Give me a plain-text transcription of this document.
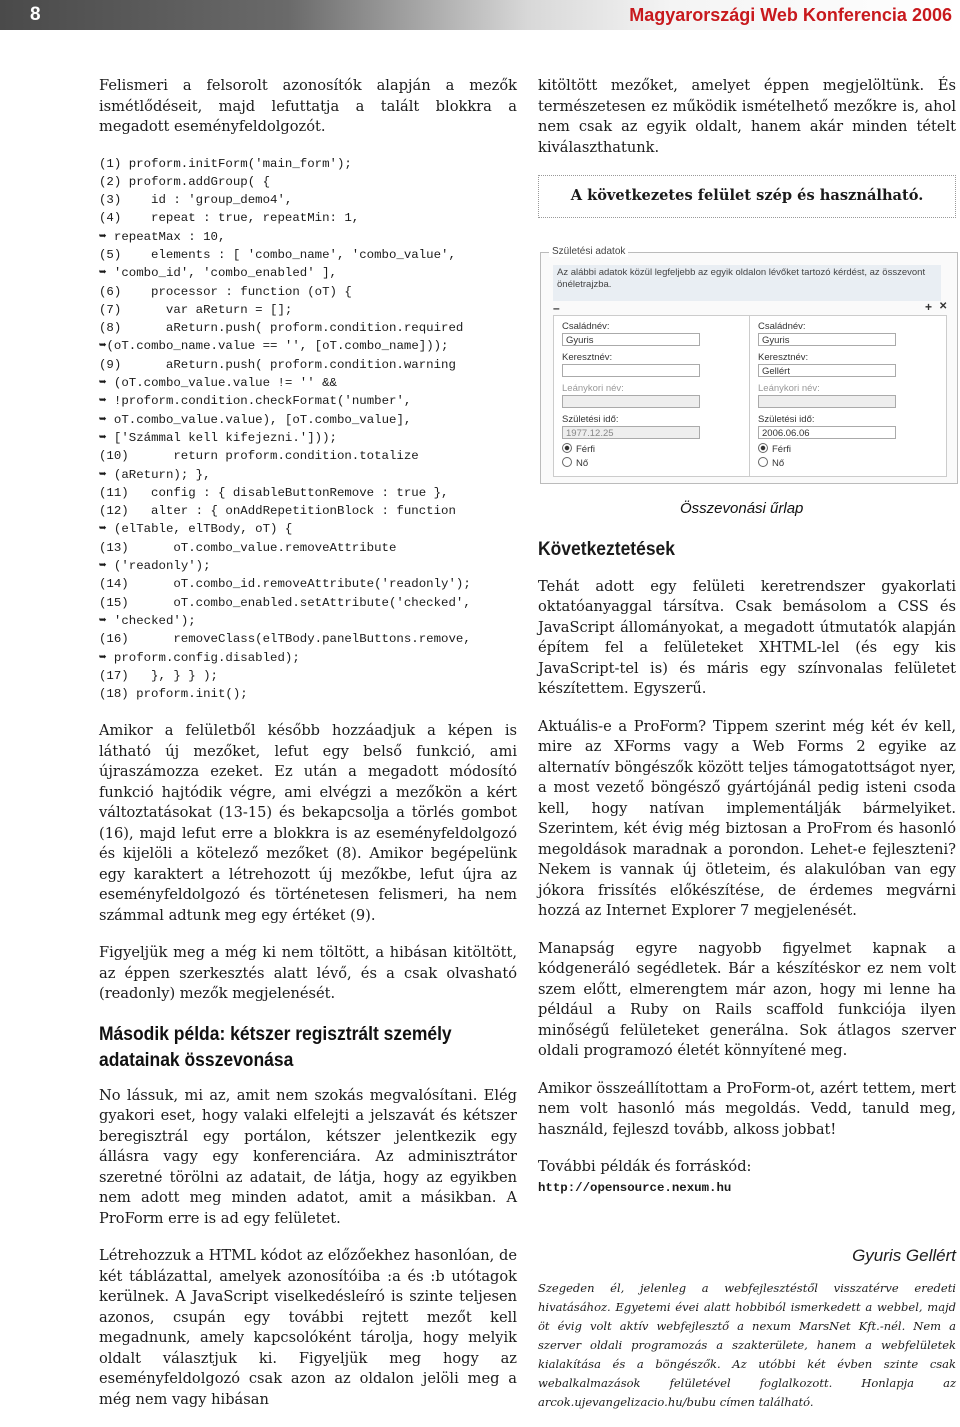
8	Magyarországi Web Konferencia 2006

Felismeri a felsorolt azonosítók alapján a mezők ismétlődéseit, majd lefuttatja a talált blokkra a megadott eseményfeldolgozót.

(1) proform.initForm('main_form');
(2) proform.addGroup( {
(3)    id : 'group_demo4',
(4)    repeat : true, repeatMin: 1,
➥ repeatMax : 10,
(5)    elements : [ 'combo_name', 'combo_value',
➥ 'combo_id', 'combo_enabled' ],
(6)    processor : function (oT) {
(7)      var aReturn = [];
(8)      aReturn.push( proform.condition.required
➥(oT.combo_name.value == '', [oT.combo_name]));
(9)      aReturn.push( proform.condition.warning
➥ (oT.combo_value.value != '' &&
➥ !proform.condition.checkFormat('number',
➥ oT.combo_value.value), [oT.combo_value],
➥ ['Számmal kell kifejezni.']));
(10)      return proform.condition.totalize
➥ (aReturn); },
(11)   config : { disableButtonRemove : true },
(12)   alter : { onAddRepetitionBlock : function
➥ (elTable, elTBody, oT) {
(13)      oT.combo_value.removeAttribute
➥ ('readonly');
(14)      oT.combo_id.removeAttribute('readonly');
(15)      oT.combo_enabled.setAttribute('checked',
➥ 'checked');
(16)      removeClass(elTBody.panelButtons.remove,
➥ proform.config.disabled);
(17)   }, } } );
(18) proform.init();

Amikor a felületből később hozzáadjuk a képen is látható új mezőket, lefut egy belső funkció, ami újraszámozza ezeket. Ez után a megadott módosító funkció hajtódik végre, ami elvégzi a mezőkön a kért változtatásokat (13-15) és bekapcsolja a törlés gombot (16), majd lefut erre a blokkra is az eseményfeldolgozó és kijelöli a kötelező mezőket (8). Amikor begépelünk egy karaktert a létrehozott új mezőkbe, lefut újra az eseményfeldolgozó és történetesen felismeri, ha nem számmal adtunk meg egy értéket (9).

Figyeljük meg a még ki nem töltött, a hibásan kitöltött, az éppen szerkesztés alatt lévő, és a csak olvasható (readonly) mezők megjelenését.

Második példa: kétszer regisztrált személy adatainak összevonása

No lássuk, mi az, amit nem szokás megvalósítani. Elég gyakori eset, hogy valaki elfelejti a jelszavát és kétszer beregisztrál egy portálon, kétszer jelentkezik egy állásra vagy egy konferenciára. Az adminisztrátor szeretné törölni az adatait, de látja, hogy az egyikben nem adott meg minden adatot, amit a másikban. A ProForm erre is ad egy felületet.

Létrehozzuk a HTML kódot az előzőekhez hasonlóan, de két táblázattal, amelyek azonosítóiba :a és :b utótagok kerülnek. A JavaScript viselkedésleíró is szinte teljesen azonos, csupán egy további rejtett mezőt kell megadnunk, amely kapcsolóként tárolja, hogy melyik oldalt választjuk ki. Figyeljük meg hogy az eseményfeldolgozó csak azon az oldalon jelöli meg a még nem vagy hibásan

kitöltött mezőket, amelyet éppen megjelöltünk. És természetesen ez működik ismételhető mezőkre is, ahol nem csak az egyik oldalt, hanem akár minden tételt kiválaszthatunk.

A következetes felület szép és használható.
Születési adatok
Az alábbi adatok közül legfeljebb az egyik oldalon lévőket tartozó kérdést, az összevont önéletrajzba.
–	+ ✕
Családnév:
Gyuris
Keresztnév:
Leánykori név:
Születési idő:
1977.12.25
Férfi
Nő
Családnév:
Gyuris
Keresztnév:
Gellért
Leánykori név:
Születési idő:
2006.06.06
Férfi
Nő
Összevonási űrlap
Következtetések

Tehát adott egy felületi keretrendszer gyakorlati oktatóanyaggal társítva. Csak bemásolom a CSS és JavaScript állományokat, a megadott útmutatók alapján építem fel a felületeket XHTML-lel (és egy kis JavaScript-tel is) és máris egy színvonalas felületet készítettem. Egyszerű.

Aktuális-e a ProForm? Tippem szerint még két év kell, mire az XForms vagy a Web Forms 2 egyike az alternatív böngészők között teljes támogatottságot nyer, a most vezető böngésző gyártójánál pedig isteni csoda kell, hogy natívan implementálják bármelyiket. Szerintem, két évig még biztosan a ProFrom és hasonló megoldások maradnak a porondon. Lehet-e fejleszteni? Nekem is vannak új ötleteim, és alakulóban van egy jókora frissítés előkészítése, de érdemes megvárni hozzá az Internet Explorer 7 megjelenését.

Manapság egyre nagyobb figyelmet kapnak a kódgeneráló segédletek. Bár a készítéskor ez nem volt szem előtt, elmerengtem már azon, hogy mi lenne ha például a Ruby on Rails scaffold funkciója ilyen minőségű felületeket generálna. Sok átlagos szerver oldali programozó életét könnyítené meg.

Amikor összeállítottam a ProForm-ot, azért tettem, mert nem volt hasonló más megoldás. Vedd, tanuld meg, használd, fejleszd tovább, alkoss jobbat!

További példák és forráskód:

http://opensource.nexum.hu
Gyuris Gellért
Szegeden él, jelenleg a webfejlesztéstől visszatérve eredeti hivatásához. Egyetemi évei alatt hobbiból ismerkedett a webbel, majd öt évig volt aktív webfejlesztő a nexum MarsNet Kft.-nél. Nem a szerver oldali programozás a szakterülete, hanem a webfelületek kialakítása és a böngészők. Az utóbbi két évben szinte csak webalkalmazások felületével foglalkozott. Honlapja az arcok.ujevangelizacio.hu/bubu címen található.
